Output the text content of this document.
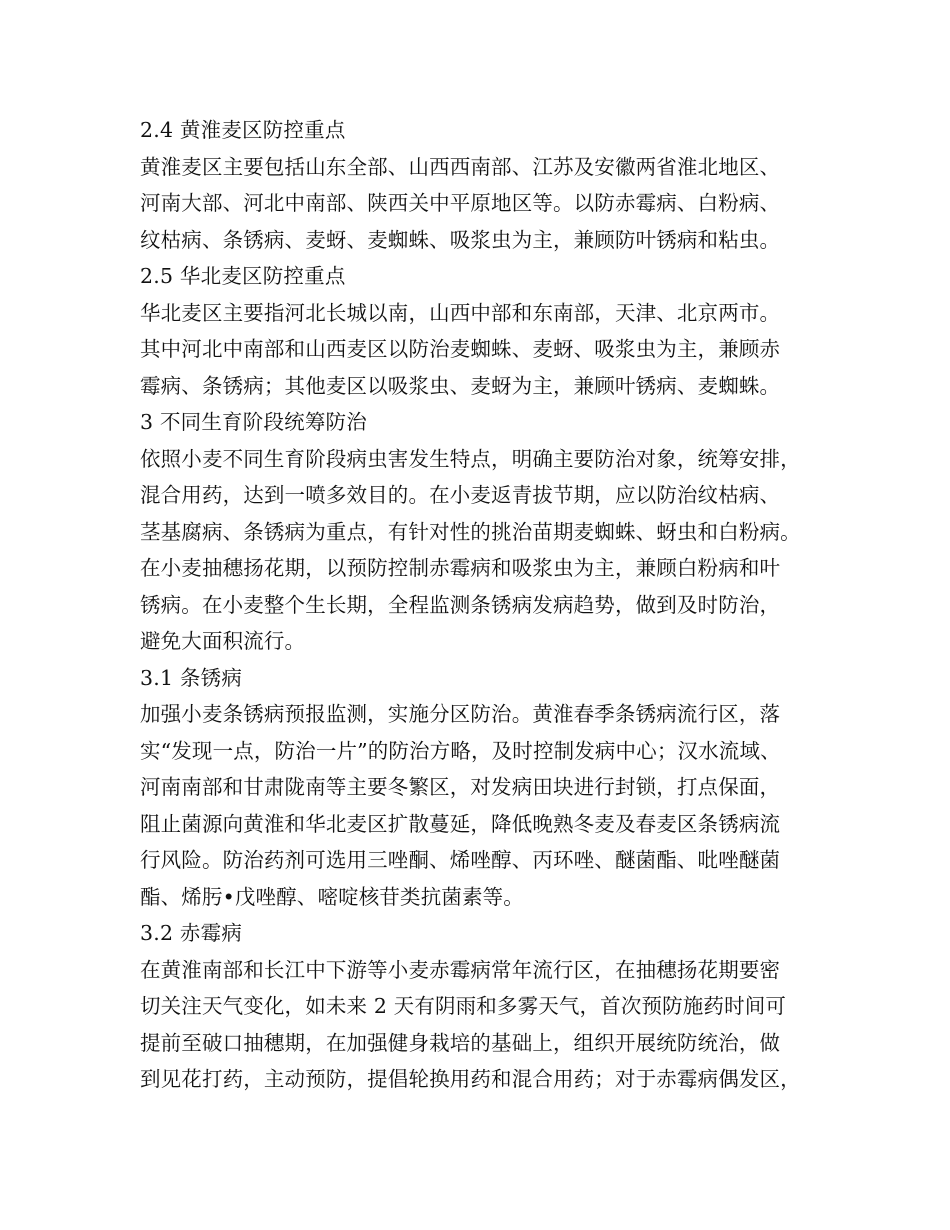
2.4 黄淮麦区防控重点
黄淮麦区主要包括山东全部、山西西南部、江苏及安徽两省淮北地区、
河南大部、河北中南部、陕西关中平原地区等。以防赤霉病、白粉病、
纹枯病、条锈病、麦蚜、麦蜘蛛、吸浆虫为主，兼顾防叶锈病和粘虫。
2.5 华北麦区防控重点
华北麦区主要指河北长城以南，山西中部和东南部，天津、北京两市。
其中河北中南部和山西麦区以防治麦蜘蛛、麦蚜、吸浆虫为主，兼顾赤
霉病、条锈病；其他麦区以吸浆虫、麦蚜为主，兼顾叶锈病、麦蜘蛛。
3 不同生育阶段统筹防治
依照小麦不同生育阶段病虫害发生特点，明确主要防治对象，统筹安排，
混合用药，达到一喷多效目的。在小麦返青拔节期，应以防治纹枯病、
茎基腐病、条锈病为重点，有针对性的挑治苗期麦蜘蛛、蚜虫和白粉病。
在小麦抽穗扬花期，以预防控制赤霉病和吸浆虫为主，兼顾白粉病和叶
锈病。在小麦整个生长期，全程监测条锈病发病趋势，做到及时防治，
避免大面积流行。
3.1 条锈病
加强小麦条锈病预报监测，实施分区防治。黄淮春季条锈病流行区，落
实“发现一点，防治一片”的防治方略，及时控制发病中心；汉水流域、
河南南部和甘肃陇南等主要冬繁区，对发病田块进行封锁，打点保面，
阻止菌源向黄淮和华北麦区扩散蔓延，降低晚熟冬麦及春麦区条锈病流
行风险。防治药剂可选用三唑酮、烯唑醇、丙环唑、醚菌酯、吡唑醚菌
酯、烯肟•戊唑醇、嘧啶核苷类抗菌素等。
3.2 赤霉病
在黄淮南部和长江中下游等小麦赤霉病常年流行区，在抽穗扬花期要密
切关注天气变化，如未来 2 天有阴雨和多雾天气，首次预防施药时间可
提前至破口抽穗期，在加强健身栽培的基础上，组织开展统防统治，做
到见花打药，主动预防，提倡轮换用药和混合用药；对于赤霉病偶发区，
